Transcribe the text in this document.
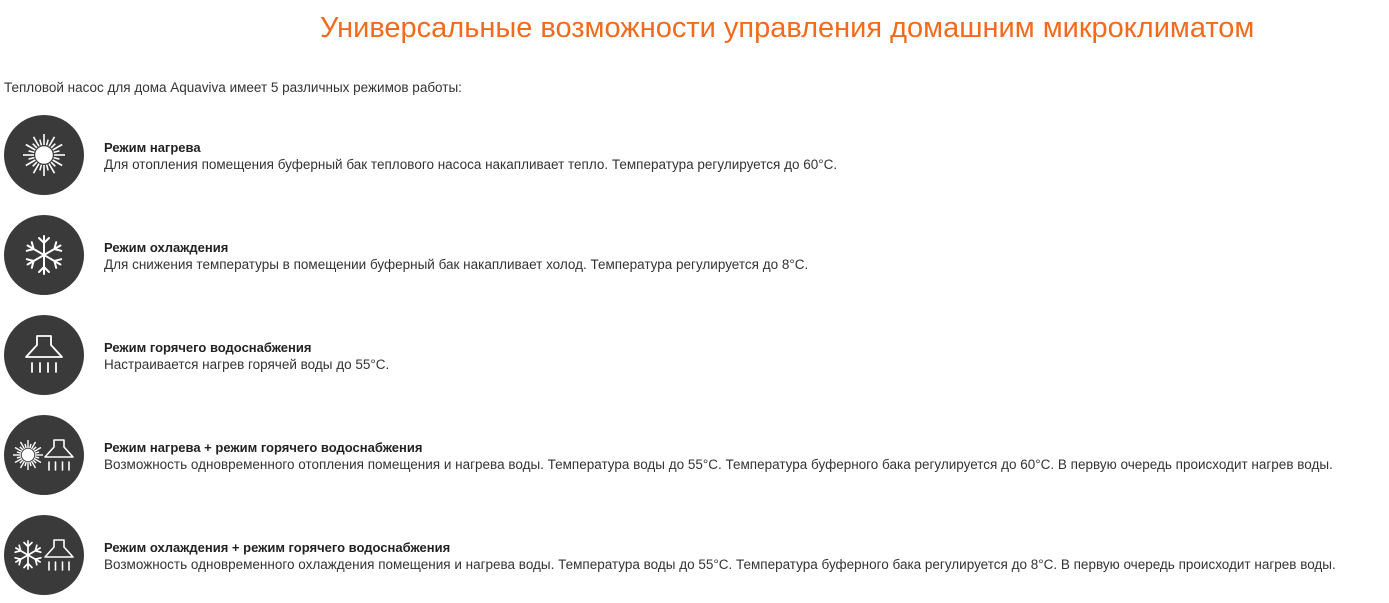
Универсальные возможности управления домашним микроклиматом
Тепловой насос для дома Aquaviva имеет 5 различных режимов работы:
Режим нагрева
Для отопления помещения буферный бак теплового насоса накапливает тепло. Температура регулируется до 60°C.
Режим охлаждения
Для снижения температуры в помещении буферный бак накапливает холод. Температура регулируется до 8°C.
Режим горячего водоснабжения
Настраивается нагрев горячей воды до 55°C.
Режим нагрева + режим горячего водоснабжения
Возможность одновременного отопления помещения и нагрева воды. Температура воды до 55°C. Температура буферного бака регулируется до 60°C. В первую очередь происходит нагрев воды.
Режим охлаждения + режим горячего водоснабжения
Возможность одновременного охлаждения помещения и нагрева воды. Температура воды до 55°C. Температура буферного бака регулируется до 8°C. В первую очередь происходит нагрев воды.
